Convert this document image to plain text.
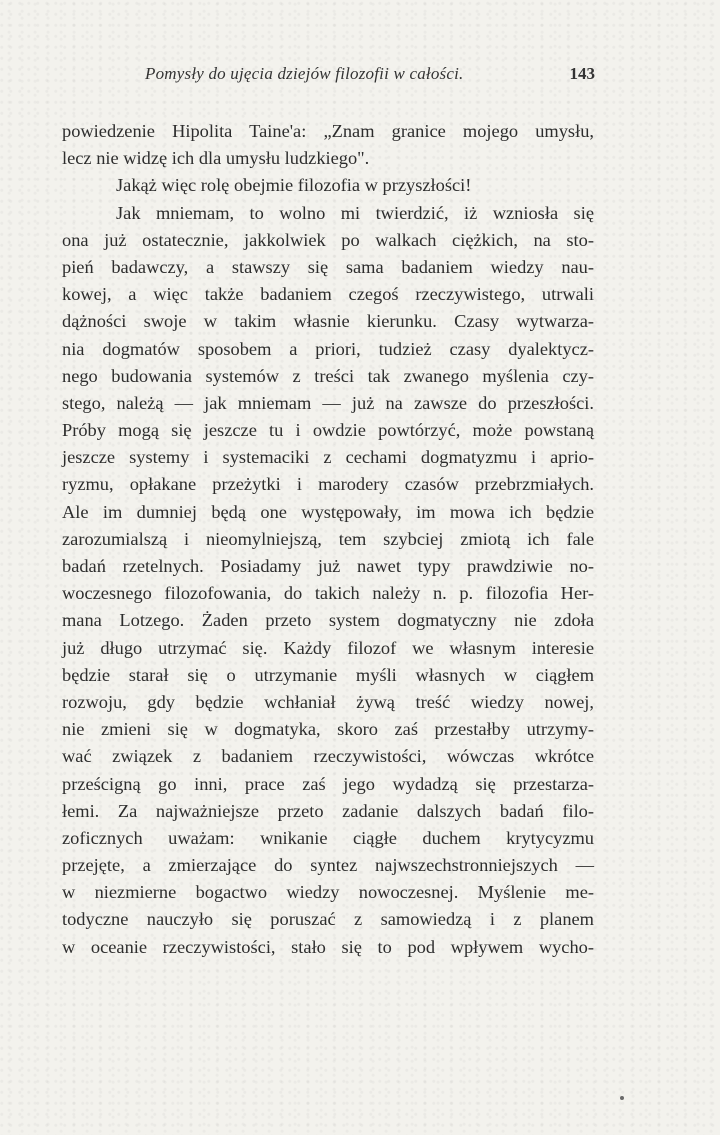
Pomysły do ujęcia dziejów filozofii w całości.	143
powiedzenie Hipolita Taine'a: „Znam granice mojego umysłu,
lecz nie widzę ich dla umysłu ludzkiego".
Jakąż więc rolę obejmie filozofia w przyszłości!
Jak mniemam, to wolno mi twierdzić, iż wzniosła się
ona już ostatecznie, jakkolwiek po walkach ciężkich, na sto-
pień badawczy, a stawszy się sama badaniem wiedzy nau-
kowej, a więc także badaniem czegoś rzeczywistego, utrwali
dążności swoje w takim własnie kierunku. Czasy wytwarza-
nia dogmatów sposobem a priori, tudzież czasy dyalektycz-
nego budowania systemów z treści tak zwanego myślenia czy-
stego, należą — jak mniemam — już na zawsze do przeszłości.
Próby mogą się jeszcze tu i owdzie powtórzyć, może powstaną
jeszcze systemy i systemaciki z cechami dogmatyzmu i aprio-
ryzmu, opłakane przeżytki i marodery czasów przebrzmiałych.
Ale im dumniej będą one występowały, im mowa ich będzie
zarozumialszą i nieomylniejszą, tem szybciej zmiotą ich fale
badań rzetelnych. Posiadamy już nawet typy prawdziwie no-
woczesnego filozofowania, do takich należy n. p. filozofia Her-
mana Lotzego. Żaden przeto system dogmatyczny nie zdoła
już długo utrzymać się. Każdy filozof we własnym interesie
będzie starał się o utrzymanie myśli własnych w ciągłem
rozwoju, gdy będzie wchłaniał żywą treść wiedzy nowej,
nie zmieni się w dogmatyka, skoro zaś przestałby utrzymy-
wać związek z badaniem rzeczywistości, wówczas wkrótce
prześcigną go inni, prace zaś jego wydadzą się przestarza-
łemi. Za najważniejsze przeto zadanie dalszych badań filo-
zoficznych uważam: wnikanie ciągłe duchem krytycyzmu
przejęte, a zmierzające do syntez najwszechstronniejszych —
w niezmierne bogactwo wiedzy nowoczesnej. Myślenie me-
todyczne nauczyło się poruszać z samowiedzą i z planem
w oceanie rzeczywistości, stało się to pod wpływem wycho-
